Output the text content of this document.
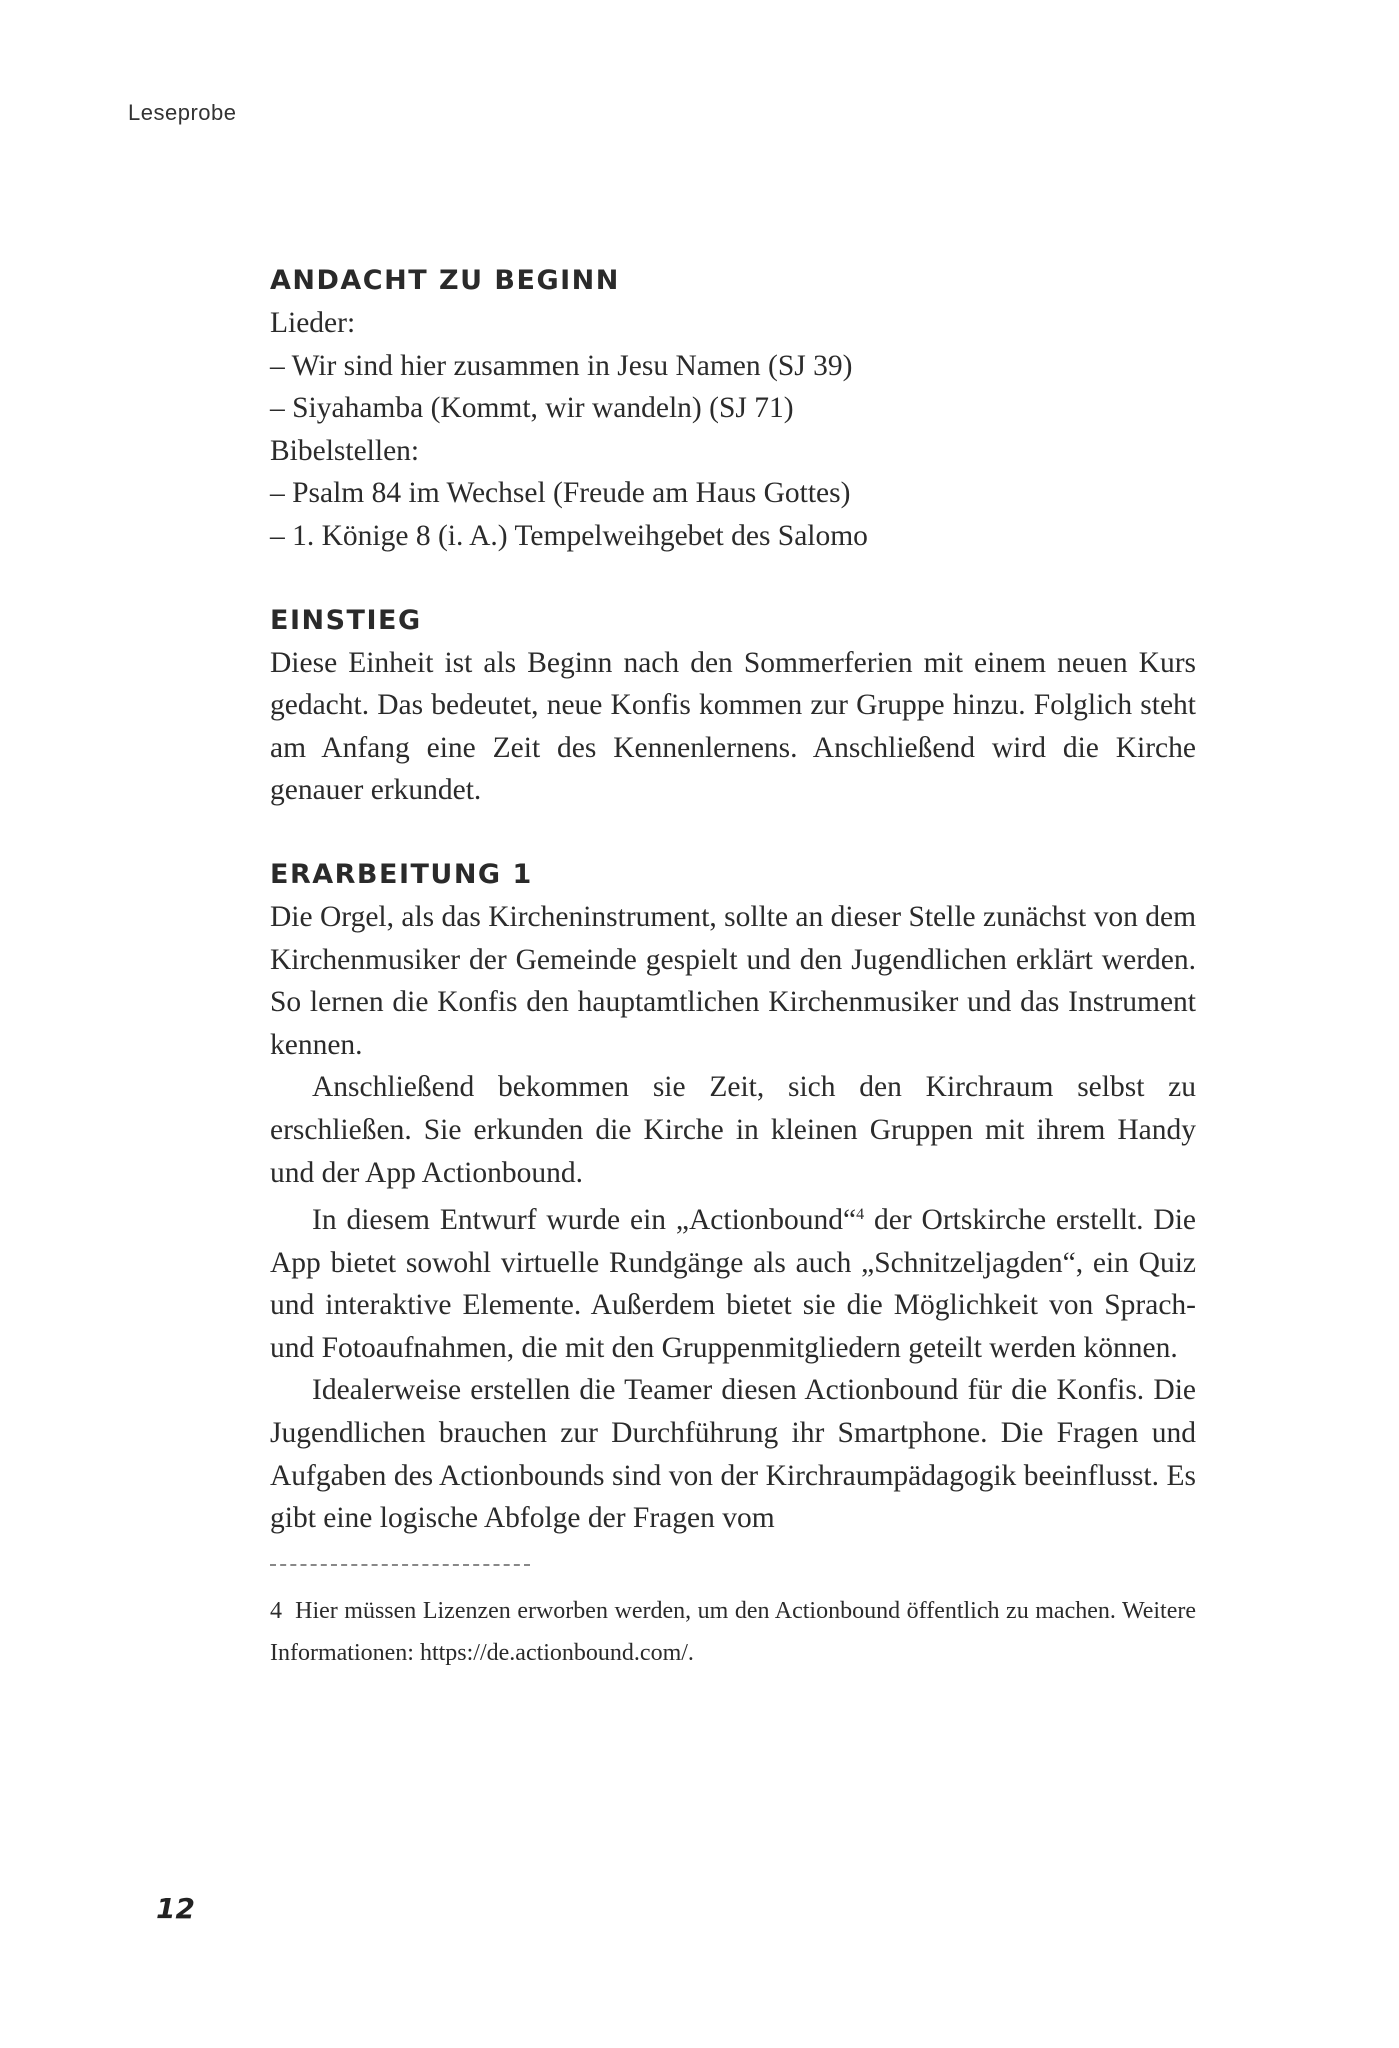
Leseprobe
ANDACHT ZU BEGINN

Lieder:

– Wir sind hier zusammen in Jesu Namen (SJ 39)

– Siyahamba (Kommt, wir wandeln) (SJ 71)

Bibelstellen:

– Psalm 84 im Wechsel (Freude am Haus Gottes)

– 1. Könige 8 (i. A.) Tempelweihgebet des Salomo

EINSTIEG

Diese Einheit ist als Beginn nach den Sommerferien mit einem neuen Kurs gedacht. Das bedeutet, neue Konfis kommen zur Gruppe hinzu. Folglich steht am Anfang eine Zeit des Kennenlernens. Anschließend wird die Kirche genauer erkundet.

ERARBEITUNG 1

Die Orgel, als das Kircheninstrument, sollte an dieser Stelle zunächst von dem Kirchenmusiker der Gemeinde gespielt und den Jugendlichen erklärt werden. So lernen die Konfis den hauptamtlichen Kirchenmusiker und das Instrument kennen.

Anschließend bekommen sie Zeit, sich den Kirchraum selbst zu erschließen. Sie erkunden die Kirche in kleinen Gruppen mit ihrem Handy und der App Actionbound.

In diesem Entwurf wurde ein „Actionbound“$^4$ der Ortskirche erstellt. Die App bietet sowohl virtuelle Rundgänge als auch „Schnitzeljagden“, ein Quiz und interaktive Elemente. Außerdem bietet sie die Möglichkeit von Sprach- und Fotoaufnahmen, die mit den Gruppenmitgliedern geteilt werden können.

Idealerweise erstellen die Teamer diesen Actionbound für die Konfis. Die Jugendlichen brauchen zur Durchführung ihr Smartphone. Die Fragen und Aufgaben des Actionbounds sind von der Kirchraumpädagogik beeinflusst. Es gibt eine logische Abfolge der Fragen vom

4 Hier müssen Lizenzen erworben werden, um den Actionbound öffentlich zu machen. Weitere Informationen: https://de.actionbound.com/.

12
